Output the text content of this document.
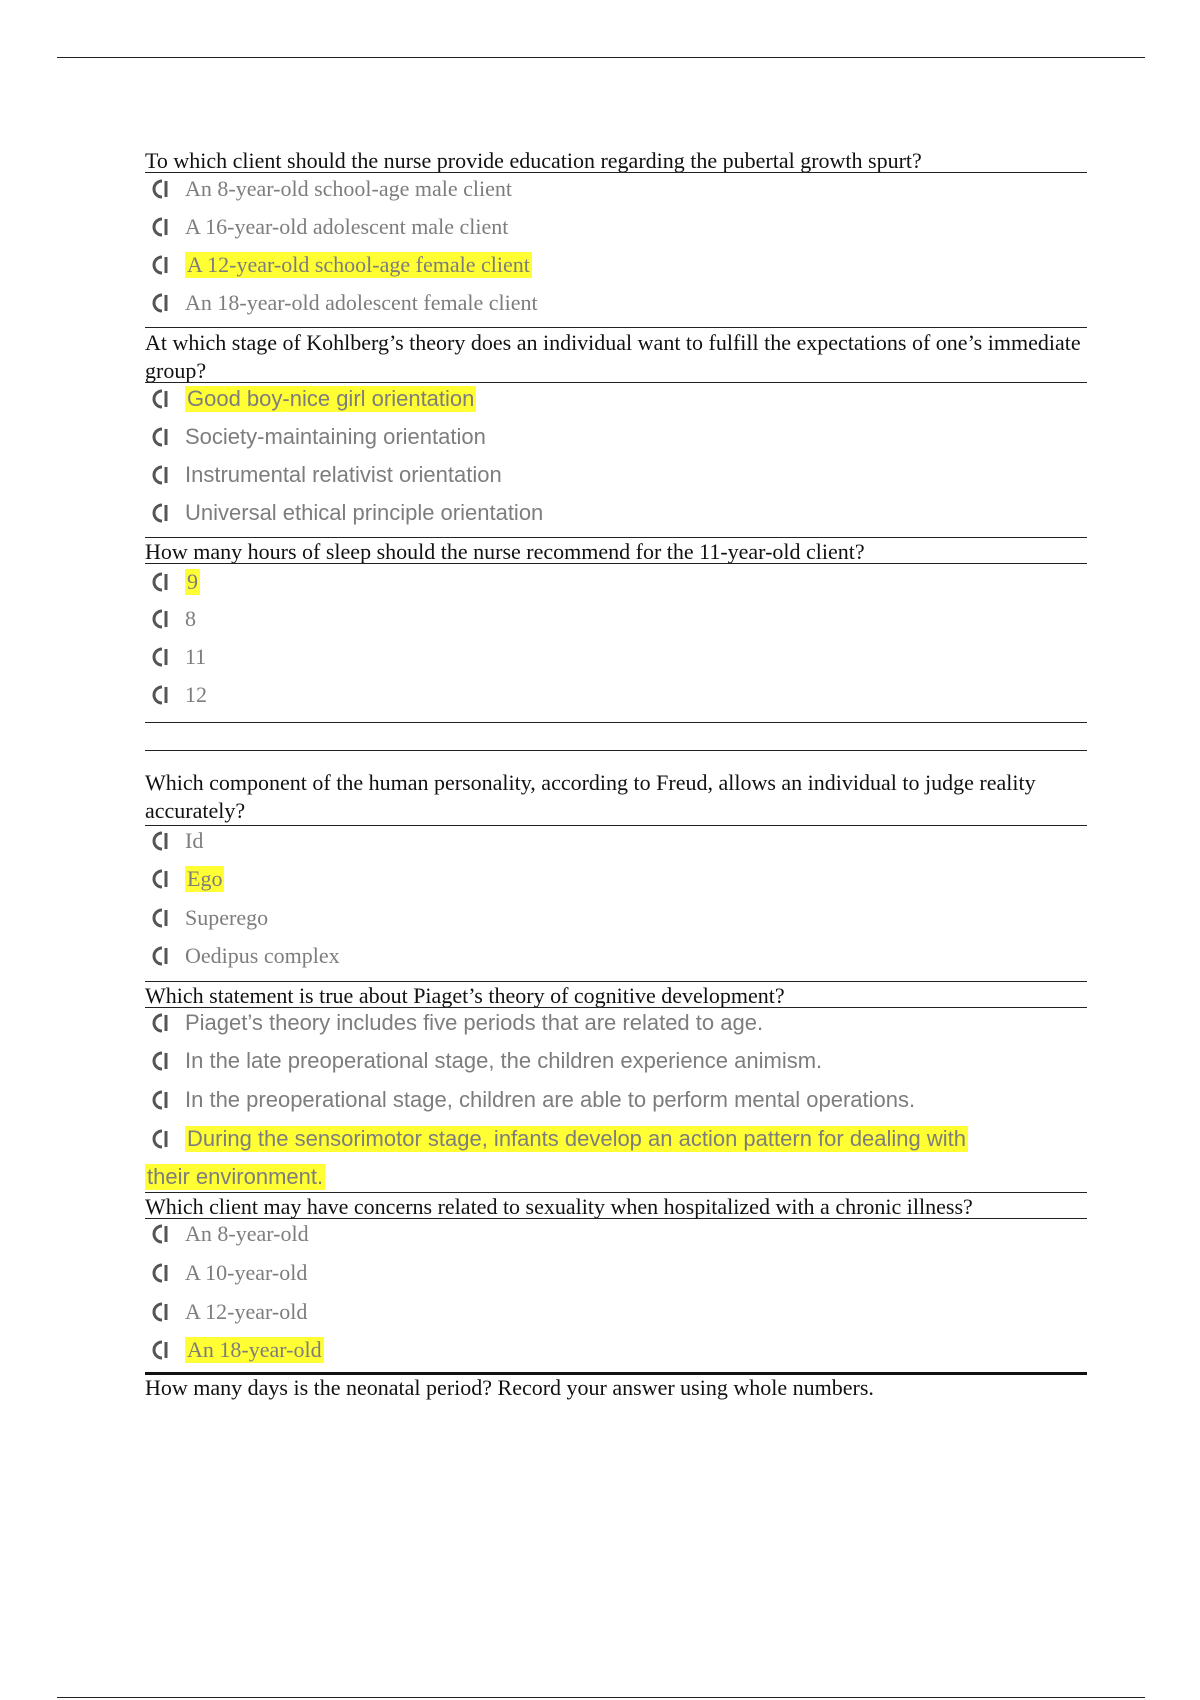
To which client should the nurse provide education regarding the pubertal growth spurt?
An 8-year-old school-age male client
A 16-year-old adolescent male client
A 12-year-old school-age female client
An 18-year-old adolescent female client
At which stage of Kohlberg’s theory does an individual want to fulfill the expectations of one’s immediate group?
Good boy-nice girl orientation
Society-maintaining orientation
Instrumental relativist orientation
Universal ethical principle orientation
How many hours of sleep should the nurse recommend for the 11-year-old client?
9
8
11
12
Which component of the human personality, according to Freud, allows an individual to judge reality accurately?
Id
Ego
Superego
Oedipus complex
Which statement is true about Piaget’s theory of cognitive development?
Piaget’s theory includes five periods that are related to age.
In the late preoperational stage, the children experience animism.
In the preoperational stage, children are able to perform mental operations.
During the sensorimotor stage, infants develop an action pattern for dealing with
their environment.
Which client may have concerns related to sexuality when hospitalized with a chronic illness?
An 8-year-old
A 10-year-old
A 12-year-old
An 18-year-old
How many days is the neonatal period? Record your answer using whole numbers.
